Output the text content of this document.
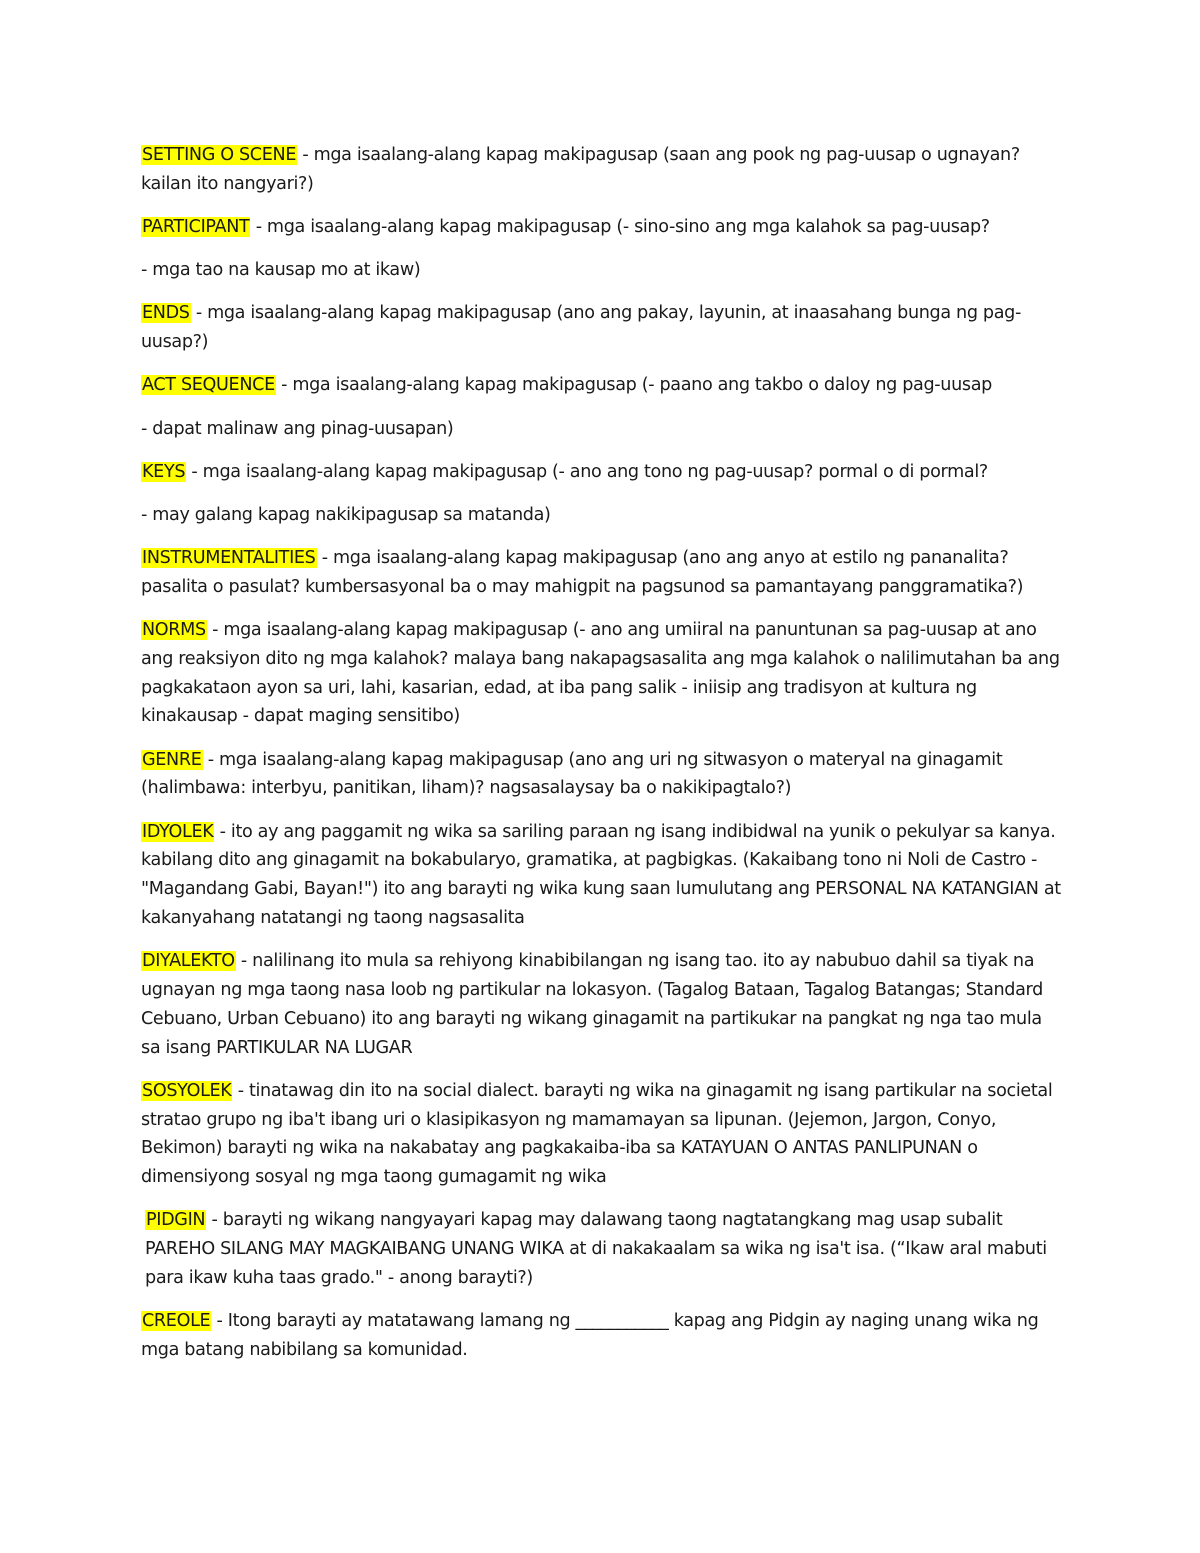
SETTING O SCENE - mga isaalang-alang kapag makipagusap (saan ang pook ng pag-uusap o ugnayan? kailan ito nangyari?)

PARTICIPANT - mga isaalang-alang kapag makipagusap (- sino-sino ang mga kalahok sa pag-uusap?

- mga tao na kausap mo at ikaw)

ENDS - mga isaalang-alang kapag makipagusap (ano ang pakay, layunin, at inaasahang bunga ng pag-uusap?)

ACT SEQUENCE - mga isaalang-alang kapag makipagusap (- paano ang takbo o daloy ng pag-uusap

- dapat malinaw ang pinag-uusapan)

KEYS - mga isaalang-alang kapag makipagusap (- ano ang tono ng pag-uusap? pormal o di pormal?

- may galang kapag nakikipagusap sa matanda)

INSTRUMENTALITIES - mga isaalang-alang kapag makipagusap (ano ang anyo at estilo ng pananalita? pasalita o pasulat? kumbersasyonal ba o may mahigpit na pagsunod sa pamantayang panggramatika?)

NORMS - mga isaalang-alang kapag makipagusap (- ano ang umiiral na panuntunan sa pag-uusap at ano ang reaksiyon dito ng mga kalahok? malaya bang nakapagsasalita ang mga kalahok o nalilimutahan ba ang pagkakataon ayon sa uri, lahi, kasarian, edad, at iba pang salik - iniisip ang tradisyon at kultura ng kinakausap - dapat maging sensitibo)

GENRE - mga isaalang-alang kapag makipagusap (ano ang uri ng sitwasyon o materyal na ginagamit (halimbawa: interbyu, panitikan, liham)? nagsasalaysay ba o nakikipagtalo?)

IDYOLEK - ito ay ang paggamit ng wika sa sariling paraan ng isang indibidwal na yunik o pekulyar sa kanya. kabilang dito ang ginagamit na bokabularyo, gramatika, at pagbigkas. (Kakaibang tono ni Noli de Castro - "Magandang Gabi, Bayan!") ito ang barayti ng wika kung saan lumulutang ang PERSONAL NA KATANGIAN at kakanyahang natatangi ng taong nagsasalita

DIYALEKTO - nalilinang ito mula sa rehiyong kinabibilangan ng isang tao. ito ay nabubuo dahil sa tiyak na ugnayan ng mga taong nasa loob ng partikular na lokasyon. (Tagalog Bataan, Tagalog Batangas; Standard Cebuano, Urban Cebuano) ito ang barayti ng wikang ginagamit na partikukar na pangkat ng nga tao mula sa isang PARTIKULAR NA LUGAR

SOSYOLEK - tinatawag din ito na social dialect. barayti ng wika na ginagamit ng isang partikular na societal stratao grupo ng iba't ibang uri o klasipikasyon ng mamamayan sa lipunan. (Jejemon, Jargon, Conyo, Bekimon) barayti ng wika na nakabatay ang pagkakaiba-iba sa KATAYUAN O ANTAS PANLIPUNAN o dimensiyong sosyal ng mga taong gumagamit ng wika

PIDGIN - barayti ng wikang nangyayari kapag may dalawang taong nagtatangkang mag usap subalit PAREHO SILANG MAY MAGKAIBANG UNANG WIKA at di nakakaalam sa wika ng isa't isa. (“Ikaw aral mabuti para ikaw kuha taas grado." - anong barayti?)

CREOLE - Itong barayti ay matatawang lamang ng ___________ kapag ang Pidgin ay naging unang wika ng mga batang nabibilang sa komunidad.
